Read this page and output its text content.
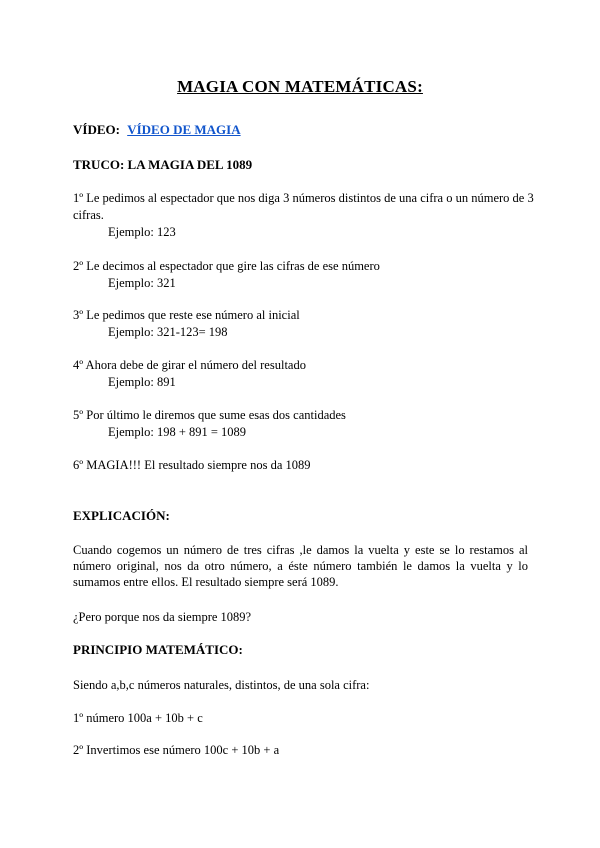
MAGIA CON MATEMÁTICAS:
VÍDEO: VÍDEO DE MAGIA
TRUCO: LA MAGIA DEL 1089
1º Le pedimos al espectador que nos diga 3 números distintos de una cifra o un número de 3
cifras.
Ejemplo: 123
2º Le decimos al espectador que gire las cifras de ese número
Ejemplo: 321
3º Le pedimos que reste ese número al inicial
Ejemplo: 321-123= 198
4º Ahora debe de girar el número del resultado
Ejemplo: 891
5º Por último le diremos que sume esas dos cantidades
Ejemplo: 198 + 891 = 1089
6º MAGIA!!! El resultado siempre nos da 1089
EXPLICACIÓN:
Cuando cogemos un número de tres cifras ,le damos la vuelta y este se lo restamos al número original, nos da otro número, a éste número también le damos la vuelta y lo sumamos entre ellos. El resultado siempre será 1089.
¿Pero porque nos da siempre 1089?
PRINCIPIO MATEMÁTICO:
Siendo a,b,c números naturales, distintos, de una sola cifra:
1º número 100a + 10b + c
2º Invertimos ese número 100c + 10b + a
